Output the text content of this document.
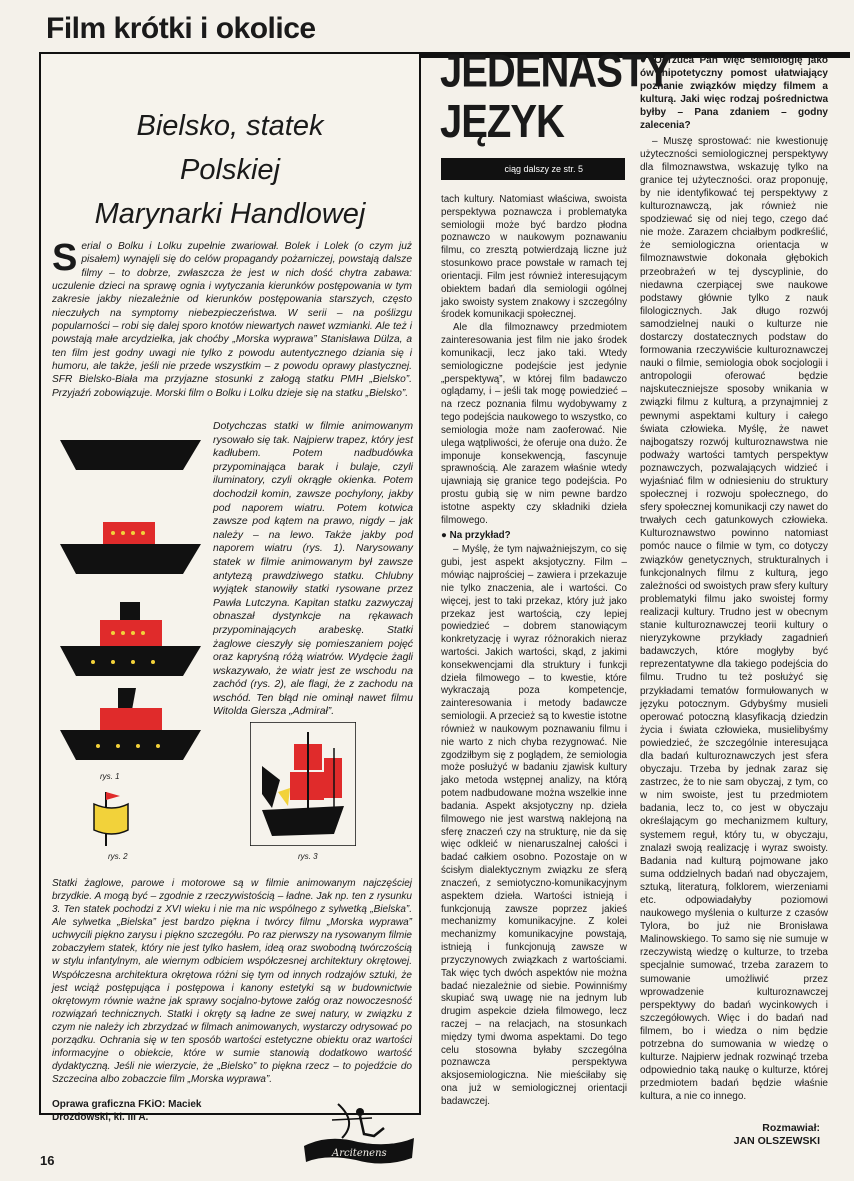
Film krótki i okolice
Bielsko, statek
Polskiej
Marynarki Handlowej
Serial o Bolku i Lolku zupełnie zwariował. Bolek i Lolek (o czym już pisałem) wynajęli się do celów propagandy pożarniczej, powstają dalsze filmy – to dobrze, zwłaszcza że jest w nich dość chytra zabawa: uczulenie dzieci na sprawę ognia i wytyczania kierunków postępowania w tym zakresie jakby niezależnie od kierunków postępowania starszych, często nieczułych na symptomy niebezpieczeństwa. W serii – na poślizgu popularności – robi się dalej sporo knotów niewartych nawet wzmianki. Ale też i powstają małe arcydziełka, jak choćby „Morska wyprawa” Stanisława Dülza, a ten film jest godny uwagi nie tylko z powodu autentycznego dziania się i humoru, ale także, jeśli nie przede wszystkim – z powodu oprawy plastycznej. SFR Bielsko-Biała ma przyjazne stosunki z załogą statku PMH „Bielsko”. Przyjaźń zobowiązuje. Morski film o Bolku i Lolku dzieje się na statku „Bielsko”.
rys. 1
rys. 2	rys. 3
Dotychczas statki w filmie animowanym rysowało się tak. Najpierw trapez, który jest kadłubem. Potem nadbudówka przypominająca barak i bulaje, czyli iluminatory, czyli okrągłe okienka. Potem dochodził komin, zawsze pochylony, jakby pod naporem wiatru. Potem kotwica zawsze pod kątem na prawo, nigdy – jak należy – na lewo. Także jakby pod naporem wiatru (rys. 1). Narysowany statek w filmie animowanym był zawsze antytezą prawdziwego statku. Chlubny wyjątek stanowiły statki rysowane przez Pawła Lutczyna. Kapitan statku zazwyczaj obnaszał dystynkcje na rękawach przypominających arabeskę. Statki żaglowe cieszyły się pomieszaniem pojęć oraz kapryśną różą wiatrów. Wydęcie żagli wskazywało, że wiatr jest ze wschodu na zachód (rys. 2), ale flagi, że z zachodu na wschód. Ten błąd nie ominął nawet filmu Witolda Giersza „Admirał”.
Statki żaglowe, parowe i motorowe są w filmie animowanym najczęściej brzydkie. A mogą być – zgodnie z rzeczywistością – ładne. Jak np. ten z rysunku 3. Ten statek pochodzi z XVI wieku i nie ma nic wspólnego z sylwetką „Bielska”. Ale sylwetka „Bielska” jest bardzo piękna i twórcy filmu „Morska wyprawa” uchwycili piękno zarysu i piękno szczegółu. Po raz pierwszy na rysowanym filmie zobaczyłem statek, który nie jest tylko hasłem, ideą oraz swobodną twórczością w stylu infantylnym, ale wiernym odbiciem współczesnej architektury okrętowej. Współczesna architektura okrętowa różni się tym od innych rodzajów sztuki, że jest wciąż postępująca i postępowa i kanony estetyki są w budownictwie okrętowym równie ważne jak sprawy socjalno-bytowe załóg oraz nowoczesność rozwiązań technicznych. Statki i okręty są ładne ze swej natury, w związku z czym nie należy ich zbrzydzać w filmach animowanych, wystarczy odrysować po porządku. Ochrania się w ten sposób wartości estetyczne obiektu oraz wartości informacyjne o obiekcie, które w sumie stanowią dodatkowo wartość dydaktyczną. Jeśli nie wierzycie, że „Bielsko” to piękna rzecz – to pojedźcie do Szczecina albo zobaczcie film „Morska wyprawa”.
Oprawa graficzna FKiO: Maciek Drozdowski, kl. III A.
Arcitenens
16
JEDENASTY
JĘZYK
ciąg dalszy ze str. 5

tach kultury. Natomiast właściwa, swoista perspektywa poznawcza i problematyka semiologii może być bardzo płodna poznawczo w naukowym poznawaniu filmu, co zresztą potwierdzają liczne już stosunkowo prace powstałe w ramach tej orientacji. Film jest również interesującym obiektem badań dla semiologii ogólnej jako swoisty system znakowy i szczególny środek komunikacji społecznej.

Ale dla filmoznawcy przedmiotem zainteresowania jest film nie jako środek komunikacji, lecz jako taki. Wtedy semiologiczne podejście jest jedynie „perspektywą”, w której film badawczo oglądamy, i – jeśli tak mogę powiedzieć – na rzecz poznania filmu wydobywamy z tego podejścia naukowego to wszystko, co semiologia może nam zaoferować. Nie ulega wątpliwości, że oferuje ona dużo. Że imponuje konsekwencją, fascynuje sprawnością. Ale zarazem właśnie wtedy ujawniają się granice tego podejścia. Po prostu gubią się w nim pewne bardzo istotne aspekty czy składniki dzieła filmowego.

● Na przykład?

– Myślę, że tym najważniejszym, co się gubi, jest aspekt aksjotyczny. Film – mówiąc najprościej – zawiera i przekazuje nie tylko znaczenia, ale i wartości. Co więcej, jest to taki przekaz, który już jako przekaz jest wartością, czy lepiej powiedzieć – dobrem stanowiącym konkretyzację i wyraz różnorakich nieraz wartości. Jakich wartości, skąd, z jakimi konsekwencjami dla struktury i funkcji dzieła filmowego – to kwestie, które wykraczają poza kompetencje, zainteresowania i metody badawcze semiologii. A przecież są to kwestie istotne również w naukowym poznawaniu filmu i nie warto z nich chyba rezygnować. Nie zgodziłbym się z poglądem, że semiologia może posłużyć w badaniu zjawisk kultury jako metoda wstępnej analizy, na którą potem nadbudowane można wszelkie inne badania. Aspekt aksjotyczny np. dzieła filmowego nie jest warstwą naklejoną na sferę znaczeń czy na strukturę, nie da się więc odkleić w nienaruszalnej całości i badać całkiem osobno. Pozostaje on w ścisłym dialektycznym związku ze sferą znaczeń, z semiotyczno-komunikacyjnym aspektem dzieła. Wartości istnieją i funkcjonują zawsze poprzez jakieś mechanizmy komunikacyjne. Z kolei mechanizmy komunikacyjne powstają, istnieją i funkcjonują zawsze w przyczynowych związkach z wartościami. Tak więc tych dwóch aspektów nie można badać niezależnie od siebie. Powinniśmy skupiać swą uwagę nie na jednym lub drugim aspekcie dzieła filmowego, lecz raczej – na relacjach, na stosunkach między tymi dwoma aspektami. Do tego celu stosowna byłaby szczególna poznawcza perspektywa aksjosemiologiczna. Nie mieściłaby się ona już w semiologicznej orientacji badawczej.

● Odrzuca Pan więc semiologię jako ów hipotetyczny pomost ułatwiający poznanie związków między filmem a kulturą. Jaki więc rodzaj pośrednictwa byłby – Pana zdaniem – godny zalecenia?

– Muszę sprostować: nie kwestionuję użyteczności semiologicznej perspektywy dla filmoznawstwa, wskazuję tylko na granice tej użyteczności. oraz proponuję, by nie identyfikować tej perspektywy z kulturoznawczą, jak również nie spodziewać się od niej tego, czego dać nie może. Zarazem chciałbym podkreślić, że semiologiczna orientacja w filmoznawstwie dokonała głębokich przeobrażeń w tej dyscyplinie, do niedawna czerpiącej swe naukowe podstawy głównie tylko z nauk filologicznych. Jak długo rozwój samodzielnej nauki o kulturze nie dostarczy dostatecznych podstaw do formowania rzeczywiście kulturoznawczej nauki o filmie, semiologia obok socjologii i antropologii oferować będzie najskuteczniejsze sposoby wnikania w związki filmu z kulturą, a przynajmniej z pewnymi aspektami kultury i całego świata człowieka. Myślę, że nawet najbogatszy rozwój kulturoznawstwa nie podważy wartości tamtych perspektyw poznawczych, pozwalających widzieć i wyjaśniać film w odniesieniu do struktury społecznej i rozwoju społecznego, do sfery społecznej komunikacji czy nawet do trwałych cech gatunkowych człowieka. Kulturoznawstwo powinno natomiast pomóc nauce o filmie w tym, co dotyczy związków genetycznych, strukturalnych i funkcjonalnych filmu z kulturą, jego zależności od swoistych praw sfery kultury problematyki filmu jako swoistej formy realizacji kultury. Trudno jest w obecnym stanie kulturoznawczej teorii kultury o nieryzykowne przykłady zagadnień badawczych, które mogłyby być reprezentatywne dla takiego podejścia do filmu. Trudno tu też posłużyć się przykładami tematów formułowanych w języku potocznym. Gdybyśmy musieli operować potoczną klasyfikacją dziedzin życia i świata człowieka, musielibyśmy powiedzieć, że szczególnie interesująca dla badań kulturoznawczych jest sfera obyczaju. Trzeba by jednak zaraz się zastrzec, że to nie sam obyczaj, z tym, co w nim swoiste, jest tu przedmiotem badania, lecz to, co jest w obyczaju określającym go mechanizmem kultury, systemem reguł, który tu, w obyczaju, znalazł swoją realizację i wyraz swoisty. Badania nad kulturą pojmowane jako suma oddzielnych badań nad obyczajem, sztuką, literaturą, folklorem, wierzeniami etc. odpowiadałyby poziomowi naukowego myślenia o kulturze z czasów Tylora, bo już nie Bronisława Malinowskiego. To samo się nie sumuje w rzeczywistą wiedzę o kulturze, to trzeba specjalnie sumować, trzeba zarazem to sumowanie umożliwić przez wprowadzenie kulturoznawczej perspektywy do badań wycinkowych i szczegółowych. Więc i do badań nad filmem, bo i wiedza o nim będzie potrzebna do sumowania w wiedzę o kulturze. Najpierw jednak rozwinąć trzeba odpowiednio taką naukę o kulturze, której przedmiotem badań będzie właśnie kultura, a nie co innego.

Rozmawiał:
JAN OLSZEWSKI
